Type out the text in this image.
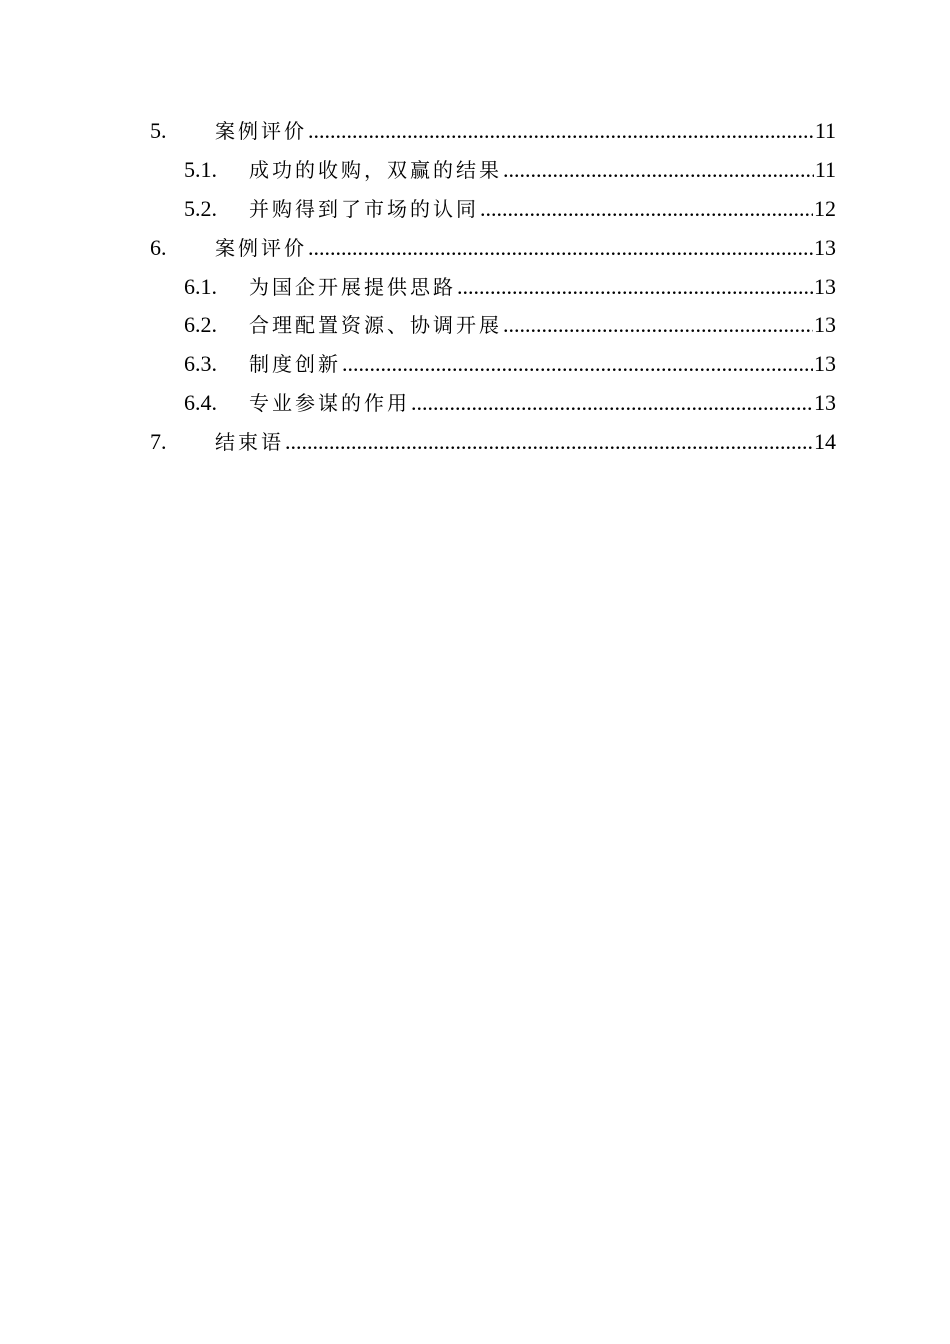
5.	案例评价 .....	11
5.1.	成功的收购，双赢的结果 .....	11
5.2.	并购得到了市场的认同 .....	12
6.	案例评价 .....	13
6.1.	为国企开展提供思路 .....	13
6.2.	合理配置资源、协调开展 .....	13
6.3.	制度创新 .....	13
6.4.	专业参谋的作用 .....	13
7.	结束语 .....	14
